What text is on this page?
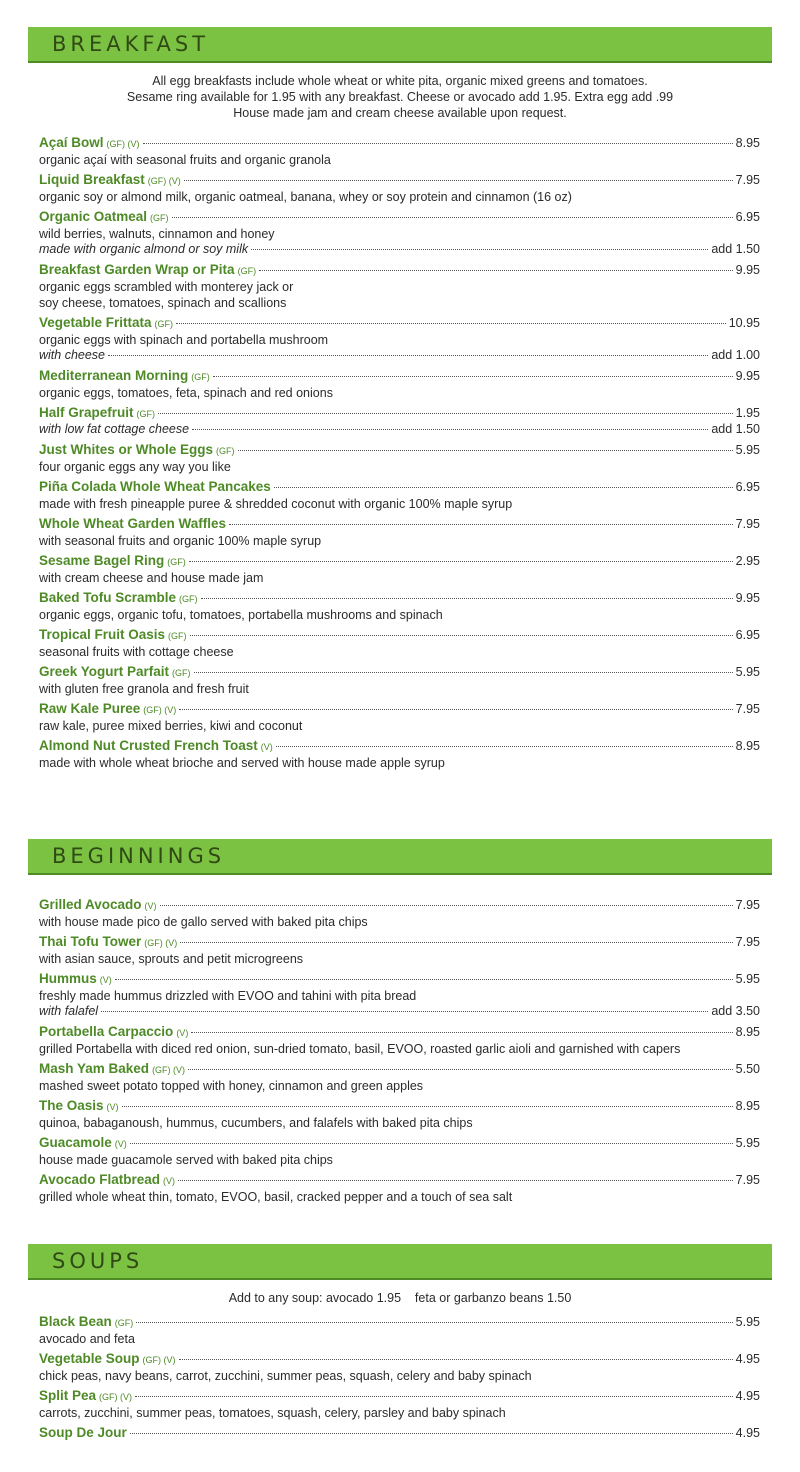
BREAKFAST
All egg breakfasts include whole wheat or white pita, organic mixed greens and tomatoes.
Sesame ring available for 1.95 with any breakfast. Cheese or avocado add 1.95. Extra egg add .99
House made jam and cream cheese available upon request.
Açaí Bowl (GF) (V)	8.95
organic açaí with seasonal fruits and organic granola
Liquid Breakfast (GF) (V)	7.95
organic soy or almond milk, organic oatmeal, banana, whey or soy protein and cinnamon (16 oz)
Organic Oatmeal (GF)	6.95
wild berries, walnuts, cinnamon and honey
made with organic almond or soy milk	add 1.50
Breakfast Garden Wrap or Pita (GF)	9.95
organic eggs scrambled with monterey jack or
soy cheese, tomatoes, spinach and scallions
Vegetable Frittata (GF)	10.95
organic eggs with spinach and portabella mushroom
with cheese	add 1.00
Mediterranean Morning (GF)	9.95
organic eggs, tomatoes, feta, spinach and red onions
Half Grapefruit (GF)	1.95
with low fat cottage cheese	add 1.50
Just Whites or Whole Eggs (GF)	5.95
four organic eggs any way you like
Piña Colada Whole Wheat Pancakes	6.95
made with fresh pineapple puree & shredded coconut with organic 100% maple syrup
Whole Wheat Garden Waffles	7.95
with seasonal fruits and organic 100% maple syrup
Sesame Bagel Ring (GF)	2.95
with cream cheese and house made jam
Baked Tofu Scramble (GF)	9.95
organic eggs, organic tofu, tomatoes, portabella mushrooms and spinach
Tropical Fruit Oasis (GF)	6.95
seasonal fruits with cottage cheese
Greek Yogurt Parfait (GF)	5.95
with gluten free granola and fresh fruit
Raw Kale Puree (GF) (V)	7.95
raw kale, puree mixed berries, kiwi and coconut
Almond Nut Crusted French Toast (V)	8.95
made with whole wheat brioche and served with house made apple syrup
BEGINNINGS
Grilled Avocado (V)	7.95
with house made pico de gallo served with baked pita chips
Thai Tofu Tower (GF) (V)	7.95
with asian sauce, sprouts and petit microgreens
Hummus (V)	5.95
freshly made hummus drizzled with EVOO and tahini with pita bread
with falafel	add 3.50
Portabella Carpaccio (V)	8.95
grilled Portabella with diced red onion, sun-dried tomato, basil, EVOO, roasted garlic aioli and garnished with capers
Mash Yam Baked (GF) (V)	5.50
mashed sweet potato topped with honey, cinnamon and green apples
The Oasis (V)	8.95
quinoa, babaganoush, hummus, cucumbers, and falafels with baked pita chips
Guacamole (V)	5.95
house made guacamole served with baked pita chips
Avocado Flatbread (V)	7.95
grilled whole wheat thin, tomato, EVOO, basil, cracked pepper and a touch of sea salt
SOUPS
Add to any soup: avocado 1.95    feta or garbanzo beans 1.50
Black Bean (GF)	5.95
avocado and feta
Vegetable Soup (GF) (V)	4.95
chick peas, navy beans, carrot, zucchini, summer peas, squash, celery and baby spinach
Split Pea (GF) (V)	4.95
carrots, zucchini, summer peas, tomatoes, squash, celery, parsley and baby spinach
Soup De Jour	4.95
